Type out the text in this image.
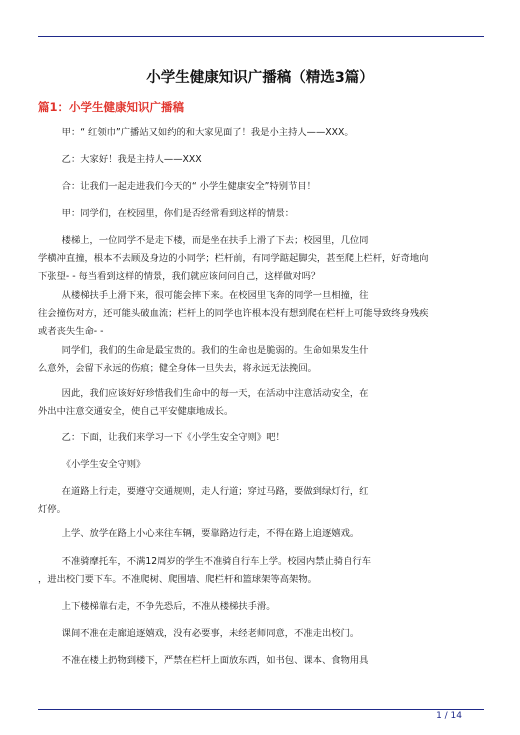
小学生健康知识广播稿（精选3篇）
篇1：小学生健康知识广播稿
甲：“ 红领巾”广播站又如约的和大家见面了！我是小主持人——XXX。
乙：大家好！我是主持人——XXX
合：让我们一起走进我们今天的“ 小学生健康安全”特别节目！
甲：同学们，在校园里，你们是否经常看到这样的情景：
楼梯上，一位同学不是走下楼，而是坐在扶手上滑了下去；校园里，几位同
学横冲直撞，根本不去顾及身边的小同学；栏杆前，有同学踮起脚尖，甚至爬上栏杆，好奇地向
下张望- - 每当看到这样的情景，我们就应该问问自己，这样做对吗？
从楼梯扶手上滑下来，很可能会摔下来。在校园里飞奔的同学一旦相撞，往
往会撞伤对方，还可能头破血流；栏杆上的同学也许根本没有想到爬在栏杆上可能导致终身残疾
或者丧失生命- -
同学们，我们的生命是最宝贵的。我们的生命也是脆弱的。生命如果发生什
么意外，会留下永远的伤痕；健全身体一旦失去，将永远无法挽回。
因此，我们应该好好珍惜我们生命中的每一天，在活动中注意活动安全，在
外出中注意交通安全，使自己平安健康地成长。
乙：下面，让我们来学习一下《小学生安全守则》吧！
《小学生安全守则》
在道路上行走，要遵守交通规则，走人行道；穿过马路，要做到绿灯行，红
灯停。
上学、放学在路上小心来往车辆，要靠路边行走，不得在路上追逐嬉戏。
不准骑摩托车，不满12周岁的学生不准骑自行车上学。校园内禁止骑自行车
，进出校门要下车。不准爬树、爬围墙、爬栏杆和篮球架等高架物。
上下楼梯靠右走，不争先恐后，不准从楼梯扶手滑。
课间不准在走廊追逐嬉戏，没有必要事，未经老师同意，不准走出校门。
不准在楼上扔物到楼下，严禁在栏杆上面放东西，如书包、课本、食物用具
1 / 14
